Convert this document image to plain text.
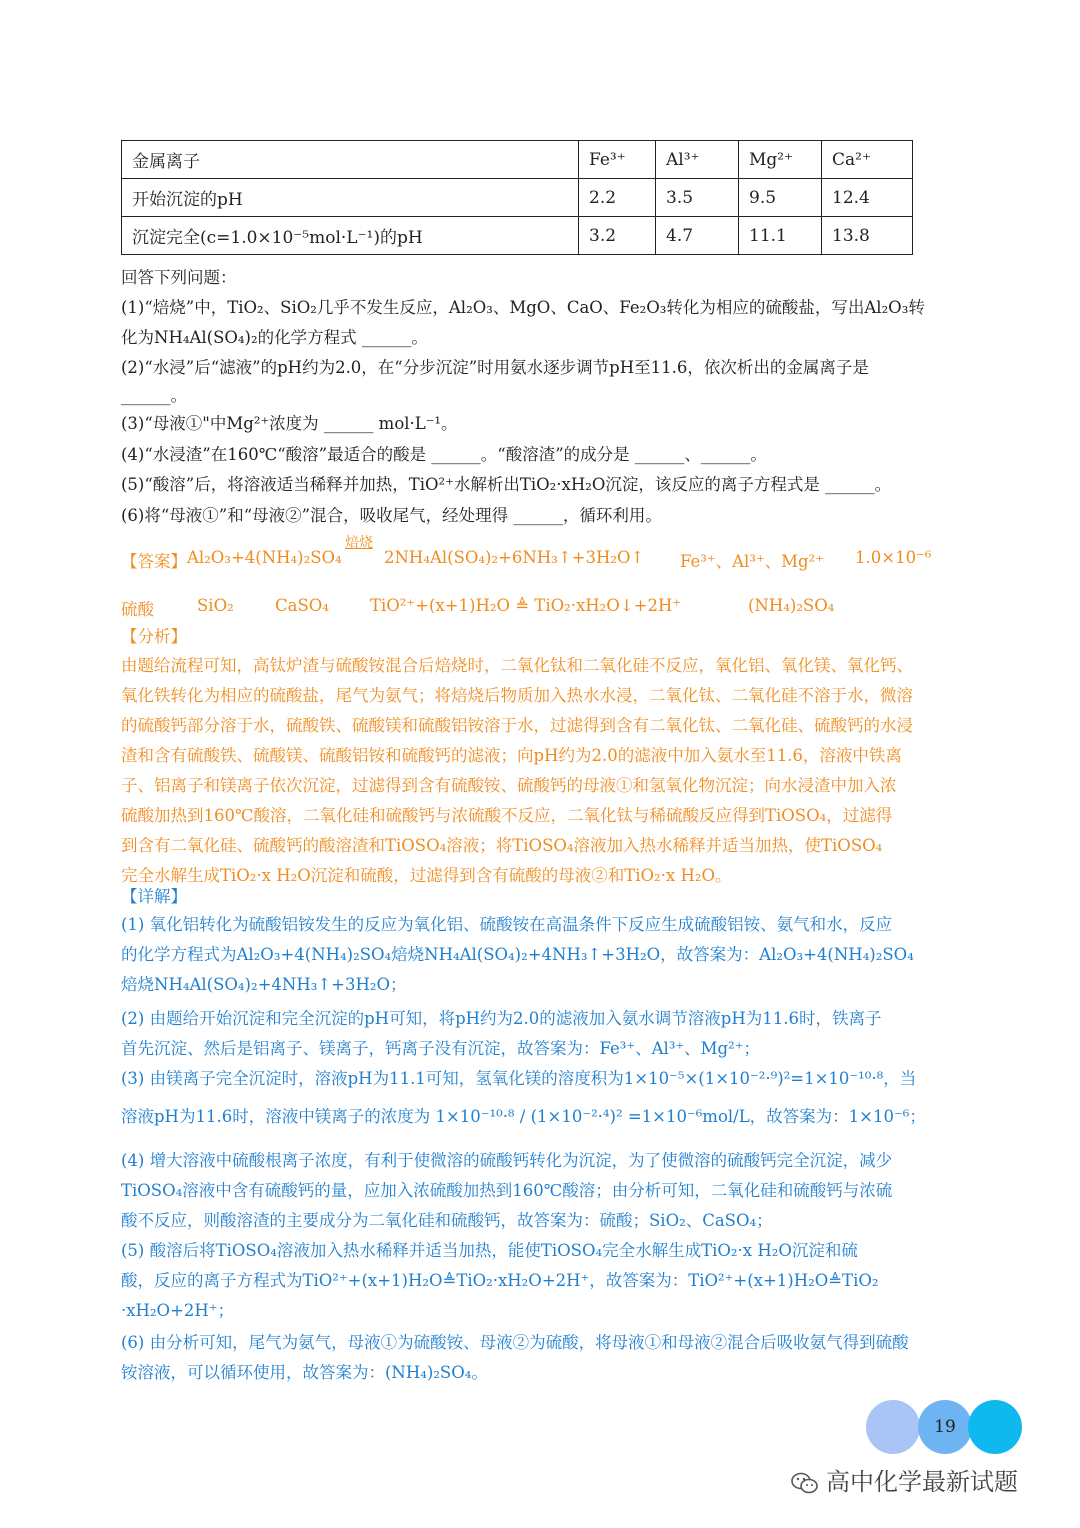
金属离子	Fe³⁺	Al³⁺	Mg²⁺	Ca²⁺
开始沉淀的pH	2.2	3.5	9.5	12.4
沉淀完全(c=1.0×10⁻⁵mol·L⁻¹)的pH	3.2	4.7	11.1	13.8
回答下列问题：
(1)“焙烧”中，TiO₂、SiO₂几乎不发生反应，Al₂O₃、MgO、CaO、Fe₂O₃转化为相应的硫酸盐，写出Al₂O₃转
化为NH₄Al(SO₄)₂的化学方程式 ______。
(2)“水浸”后“滤液”的pH约为2.0，在“分步沉淀”时用氨水逐步调节pH至11.6，依次析出的金属离子是
______。
(3)“母液①"中Mg²⁺浓度为 ______ mol·L⁻¹。
(4)“水浸渣”在160℃“酸溶”最适合的酸是 ______。“酸溶渣”的成分是 ______、______。
(5)“酸溶”后，将溶液适当稀释并加热，TiO²⁺水解析出TiO₂·xH₂O沉淀，该反应的离子方程式是 ______。
(6)将“母液①”和“母液②”混合，吸收尾气，经处理得 ______，循环利用。
【答案】 Al₂O₃+4(NH₄)₂SO₄
焙烧
2NH₄Al(SO₄)₂+6NH₃↑+3H₂O↑ Fe³⁺、Al³⁺、Mg²⁺ 1.0×10⁻⁶
硫酸	SiO₂	CaSO₄ TiO²⁺+(x+1)H₂O ≜ TiO₂·xH₂O↓+2H⁺	(NH₄)₂SO₄
【分析】
由题给流程可知，高钛炉渣与硫酸铵混合后焙烧时，二氧化钛和二氧化硅不反应，氧化铝、氧化镁、氧化钙、
氧化铁转化为相应的硫酸盐，尾气为氨气；将焙烧后物质加入热水水浸，二氧化钛、二氧化硅不溶于水，微溶
的硫酸钙部分溶于水，硫酸铁、硫酸镁和硫酸铝铵溶于水，过滤得到含有二氧化钛、二氧化硅、硫酸钙的水浸
渣和含有硫酸铁、硫酸镁、硫酸铝铵和硫酸钙的滤液；向pH约为2.0的滤液中加入氨水至11.6，溶液中铁离
子、铝离子和镁离子依次沉淀，过滤得到含有硫酸铵、硫酸钙的母液①和氢氧化物沉淀；向水浸渣中加入浓
硫酸加热到160℃酸溶，二氧化硅和硫酸钙与浓硫酸不反应，二氧化钛与稀硫酸反应得到TiOSO₄，过滤得
到含有二氧化硅、硫酸钙的酸溶渣和TiOSO₄溶液；将TiOSO₄溶液加入热水稀释并适当加热，使TiOSO₄
完全水解生成TiO₂·x H₂O沉淀和硫酸，过滤得到含有硫酸的母液②和TiO₂·x H₂O。
【详解】
(1) 氧化铝转化为硫酸铝铵发生的反应为氧化铝、硫酸铵在高温条件下反应生成硫酸铝铵、氨气和水，反应
的化学方程式为Al₂O₃+4(NH₄)₂SO₄焙烧NH₄Al(SO₄)₂+4NH₃↑+3H₂O，故答案为：Al₂O₃+4(NH₄)₂SO₄
焙烧NH₄Al(SO₄)₂+4NH₃↑+3H₂O；
(2) 由题给开始沉淀和完全沉淀的pH可知，将pH约为2.0的滤液加入氨水调节溶液pH为11.6时，铁离子
首先沉淀、然后是铝离子、镁离子，钙离子没有沉淀，故答案为：Fe³⁺、Al³⁺、Mg²⁺；
(3) 由镁离子完全沉淀时，溶液pH为11.1可知，氢氧化镁的溶度积为1×10⁻⁵×(1×10⁻²·⁹)²=1×10⁻¹⁰·⁸，当
溶液pH为11.6时，溶液中镁离子的浓度为 1×10⁻¹⁰·⁸ / (1×10⁻²·⁴)² =1×10⁻⁶mol/L，故答案为：1×10⁻⁶；
(4) 增大溶液中硫酸根离子浓度，有利于使微溶的硫酸钙转化为沉淀，为了使微溶的硫酸钙完全沉淀，减少
TiOSO₄溶液中含有硫酸钙的量，应加入浓硫酸加热到160℃酸溶；由分析可知，二氧化硅和硫酸钙与浓硫
酸不反应，则酸溶渣的主要成分为二氧化硅和硫酸钙，故答案为：硫酸；SiO₂、CaSO₄；
(5) 酸溶后将TiOSO₄溶液加入热水稀释并适当加热，能使TiOSO₄完全水解生成TiO₂·x H₂O沉淀和硫
酸，反应的离子方程式为TiO²⁺+(x+1)H₂O≜TiO₂·xH₂O+2H⁺，故答案为：TiO²⁺+(x+1)H₂O≜TiO₂
·xH₂O+2H⁺；
(6) 由分析可知，尾气为氨气，母液①为硫酸铵、母液②为硫酸，将母液①和母液②混合后吸收氨气得到硫酸
铵溶液，可以循环使用，故答案为：(NH₄)₂SO₄。
19
高中化学最新试题
